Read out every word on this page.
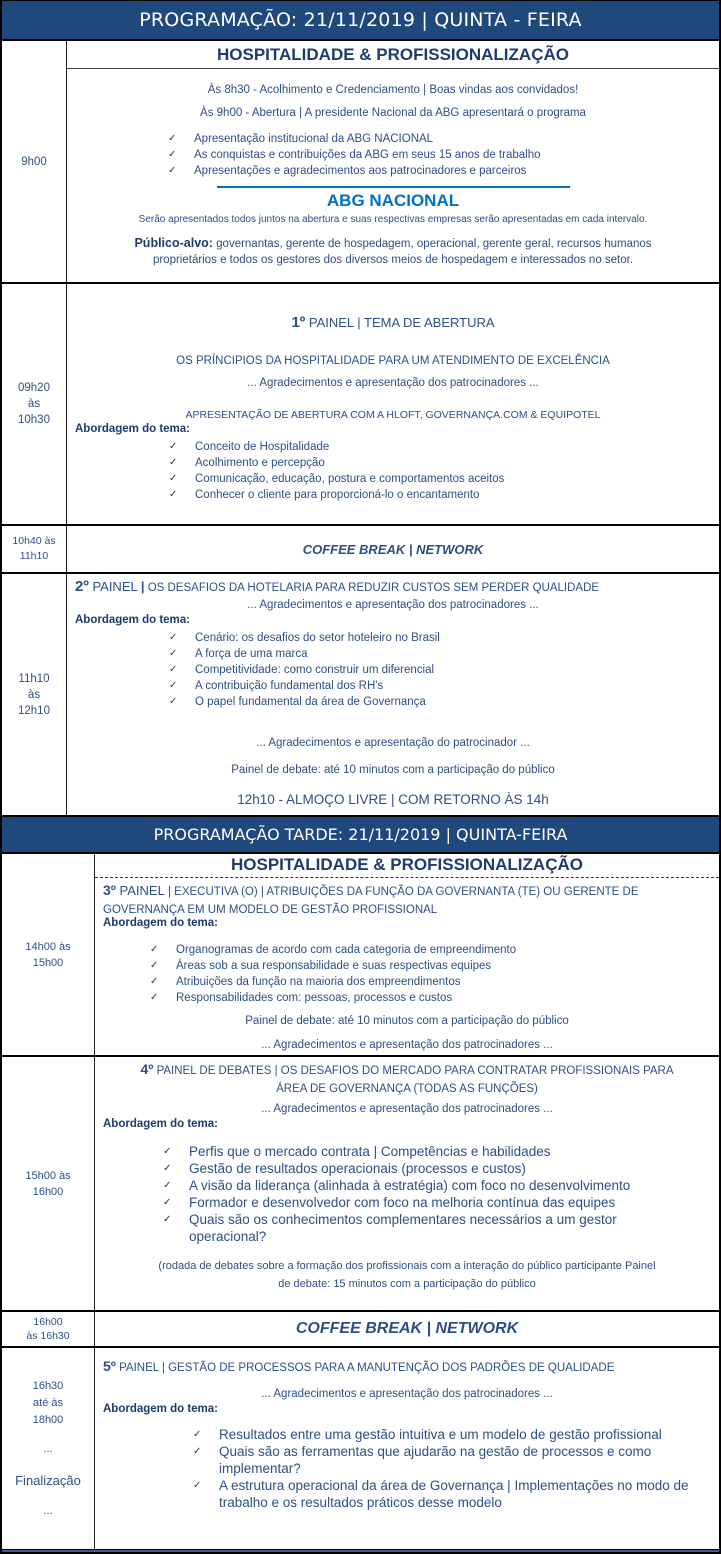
PROGRAMAÇÃO: 21/11/2019 | QUINTA - FEIRA
9h00
HOSPITALIDADE & PROFISSIONALIZAÇÃO
Às 8h30 - Acolhimento e Credenciamento | Boas vindas aos convidados!
Às 9h00 - Abertura | A presidente Nacional da ABG apresentará o programa
✓ Apresentação institucional da ABG NACIONAL
✓ As conquistas e contribuições da ABG em seus 15 anos de trabalho
✓ Apresentações e agradecimentos aos patrocinadores e parceiros
ABG NACIONAL
Serão apresentados todos juntos na abertura e suas respectivas empresas serão apresentadas em cada intervalo.
Público-alvo: governantas, gerente de hospedagem, operacional, gerente geral, recursos humanos
proprietários e todos os gestores dos diversos meios de hospedagem e interessados no setor.
09h20
às
10h30
1º PAINEL | TEMA DE ABERTURA
OS PRÍNCIPIOS DA HOSPITALIDADE PARA UM ATENDIMENTO DE EXCELÊNCIA
... Agradecimentos e apresentação dos patrocinadores ...
APRESENTAÇÃO DE ABERTURA COM A HLOFT, GOVERNANÇA.COM & EQUIPOTEL
Abordagem do tema:
✓ Conceito de Hospitalidade
✓ Acolhimento e percepção
✓ Comunicação, educação, postura e comportamentos aceitos
✓ Conhecer o cliente para proporcioná-lo o encantamento
10h40 às
11h10	COFFEE BREAK | NETWORK
11h10
às
12h10
2º PAINEL | OS DESAFIOS DA HOTELARIA PARA REDUZIR CUSTOS SEM PERDER QUALIDADE
... Agradecimentos e apresentação dos patrocinadores ...
Abordagem do tema:
✓ Cenário: os desafios do setor hoteleiro no Brasil
✓ A força de uma marca
✓ Competitividade: como construir um diferencial
✓ A contribuição fundamental dos RH's
✓ O papel fundamental da área de Governança
... Agradecimentos e apresentação do patrocinador ...
Painel de debate: até 10 minutos com a participação do público
12h10 - ALMOÇO LIVRE | COM RETORNO ÀS 14h
PROGRAMAÇÃO TARDE: 21/11/2019 | QUINTA-FEIRA
14h00 às
15h00
HOSPITALIDADE & PROFISSIONALIZAÇÃO
3º PAINEL | EXECUTIVA (O) | ATRIBUIÇÕES DA FUNÇÃO DA GOVERNANTA (TE) OU GERENTE DE
GOVERNANÇA EM UM MODELO DE GESTÃO PROFISSIONAL
Abordagem do tema:
✓ Organogramas de acordo com cada categoria de empreendimento
✓ Áreas sob a sua responsabilidade e suas respectivas equipes
✓ Atribuições da função na maioria dos empreendimentos
✓ Responsabilidades com: pessoas, processos e custos
Painel de debate: até 10 minutos com a participação do público
... Agradecimentos e apresentação dos patrocinadores ...
15h00 às
16h00
4º PAINEL DE DEBATES | OS DESAFIOS DO MERCADO PARA CONTRATAR PROFISSIONAIS PARA
ÁREA DE GOVERNANÇA (TODAS AS FUNÇÕES)
... Agradecimentos e apresentação dos patrocinadores ...
Abordagem do tema:
✓ Perfis que o mercado contrata | Competências e habilidades
✓ Gestão de resultados operacionais (processos e custos)
✓ A visão da liderança (alinhada à estratégia) com foco no desenvolvimento
✓ Formador e desenvolvedor com foco na melhoria contínua das equipes
✓ Quais são os conhecimentos complementares necessários a um gestor operacional?
(rodada de debates sobre a formação dos profissionais com a interação do público participante Painel
de debate: 15 minutos com a participação do público
16h00
às 16h30	COFFEE BREAK | NETWORK
16h30
até às
18h00
...
Finalização
...
5º PAINEL | GESTÃO DE PROCESSOS PARA A MANUTENÇÃO DOS PADRÕES DE QUALIDADE
... Agradecimentos e apresentação dos patrocinadores ...
Abordagem do tema:
✓ Resultados entre uma gestão intuitiva e um modelo de gestão profissional
✓ Quais são as ferramentas que ajudarão na gestão de processos e como implementar?
✓ A estrutura operacional da área de Governança | Implementações no modo de trabalho e os resultados práticos desse modelo
